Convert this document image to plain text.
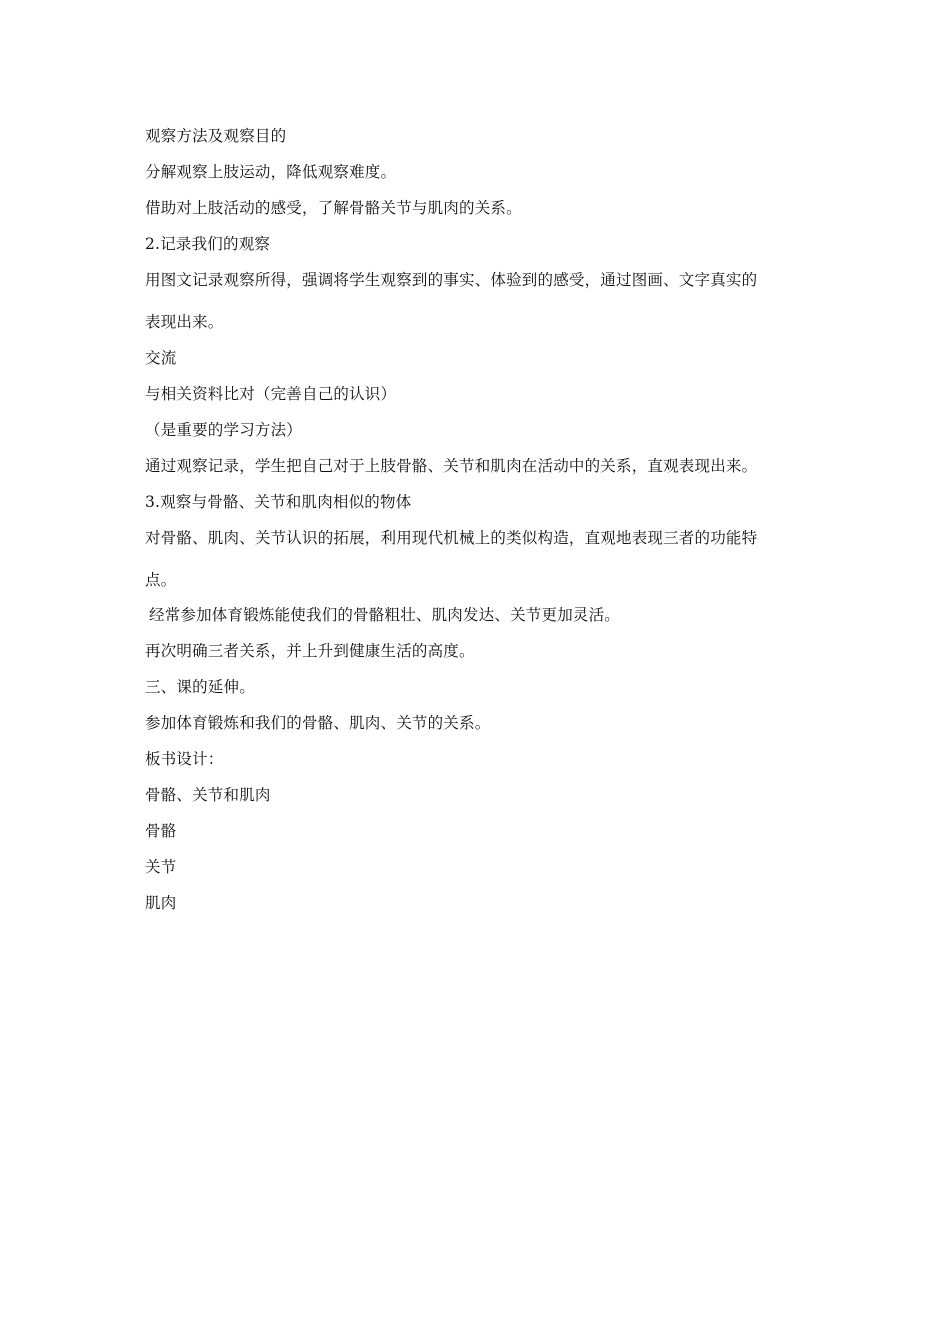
观察方法及观察目的
分解观察上肢运动，降低观察难度。
借助对上肢活动的感受，了解骨骼关节与肌肉的关系。
2.记录我们的观察
用图文记录观察所得，强调将学生观察到的事实、体验到的感受，通过图画、文字真实的
表现出来。
交流
与相关资料比对（完善自己的认识）
（是重要的学习方法）
通过观察记录，学生把自己对于上肢骨骼、关节和肌肉在活动中的关系，直观表现出来。
3.观察与骨骼、关节和肌肉相似的物体
对骨骼、肌肉、关节认识的拓展，利用现代机械上的类似构造，直观地表现三者的功能特
点。
经常参加体育锻炼能使我们的骨骼粗壮、肌肉发达、关节更加灵活。
再次明确三者关系，并上升到健康生活的高度。
三、课的延伸。
参加体育锻炼和我们的骨骼、肌肉、关节的关系。
板书设计：
骨骼、关节和肌肉
骨骼
关节
肌肉
